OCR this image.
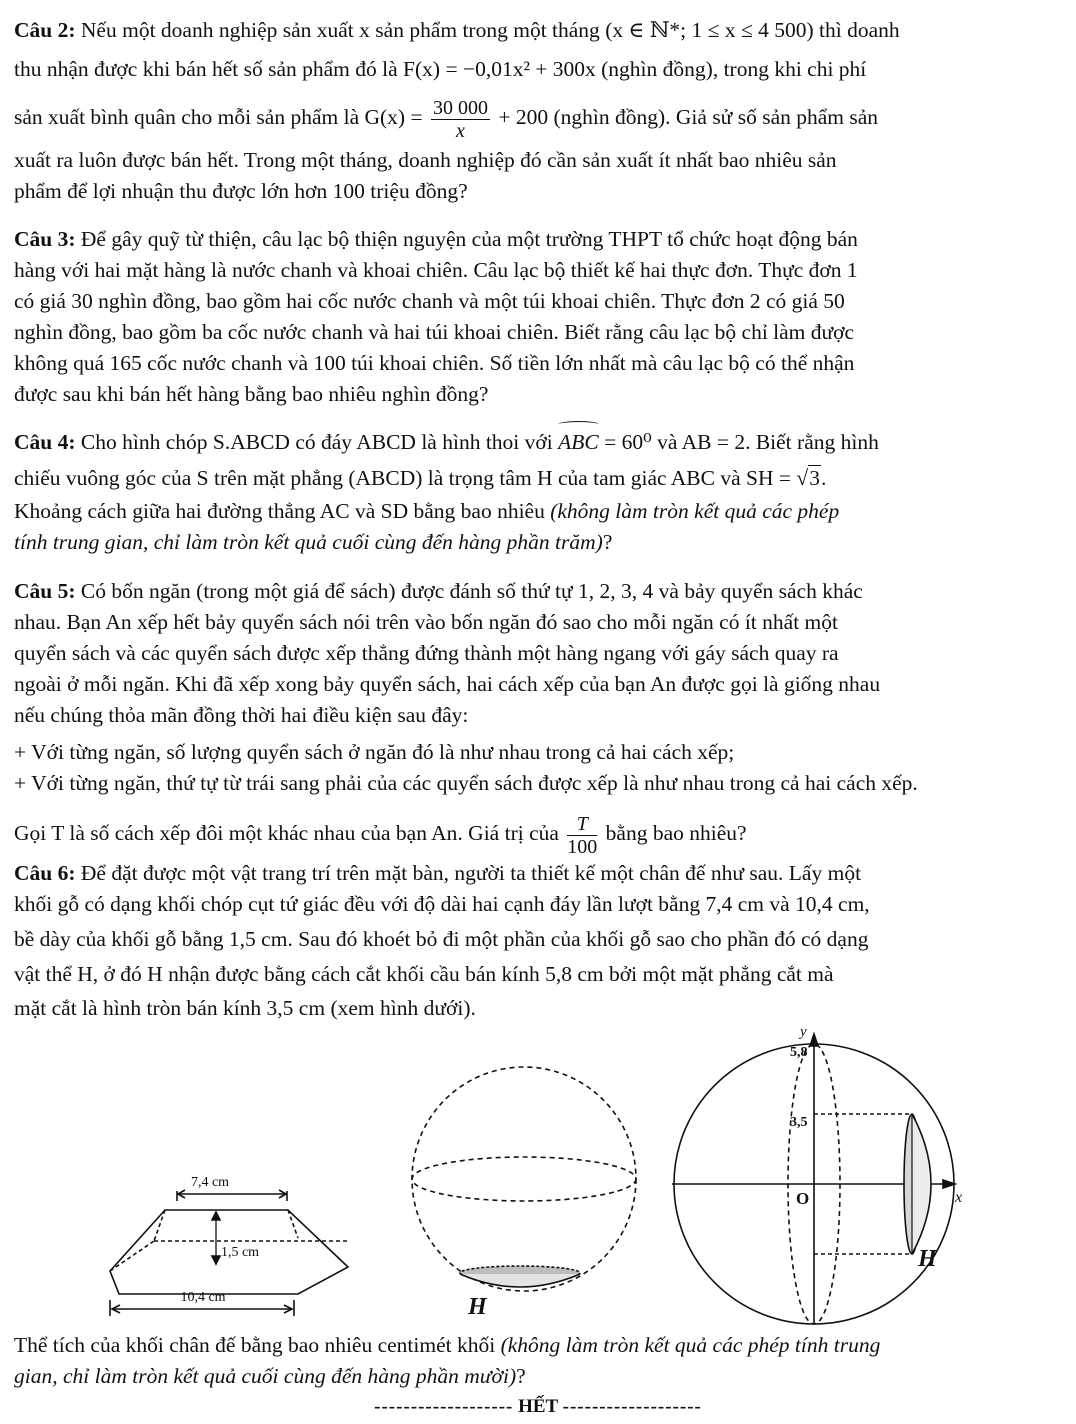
Câu 2: Nếu một doanh nghiệp sản xuất x sản phẩm trong một tháng (x ∈ ℕ*; 1 ≤ x ≤ 4 500) thì doanh
thu nhận được khi bán hết số sản phẩm đó là F(x) = −0,01x² + 300x (nghìn đồng), trong khi chi phí
sản xuất bình quân cho mỗi sản phẩm là $G(x) = \frac{30 000}{x} + 200$ (nghìn đồng). Giả sử số sản phẩm sản
xuất ra luôn được bán hết. Trong một tháng, doanh nghiệp đó cần sản xuất ít nhất bao nhiêu sản
phẩm để lợi nhuận thu được lớn hơn 100 triệu đồng?
Câu 3: Để gây quỹ từ thiện, câu lạc bộ thiện nguyện của một trường THPT tổ chức hoạt động bán
hàng với hai mặt hàng là nước chanh và khoai chiên. Câu lạc bộ thiết kế hai thực đơn. Thực đơn 1
có giá 30 nghìn đồng, bao gồm hai cốc nước chanh và một túi khoai chiên. Thực đơn 2 có giá 50
nghìn đồng, bao gồm ba cốc nước chanh và hai túi khoai chiên. Biết rằng câu lạc bộ chỉ làm được
không quá 165 cốc nước chanh và 100 túi khoai chiên. Số tiền lớn nhất mà câu lạc bộ có thể nhận
được sau khi bán hết hàng bằng bao nhiêu nghìn đồng?
Câu 4: Cho hình chóp S.ABCD có đáy ABCD là hình thoi với ABC = 60⁰ và AB = 2. Biết rằng hình
chiếu vuông góc của S trên mặt phẳng (ABCD) là trọng tâm H của tam giác ABC và SH = √3.
Khoảng cách giữa hai đường thẳng AC và SD bằng bao nhiêu (không làm tròn kết quả các phép
tính trung gian, chỉ làm tròn kết quả cuối cùng đến hàng phần trăm)?
Câu 5: Có bốn ngăn (trong một giá để sách) được đánh số thứ tự 1, 2, 3, 4 và bảy quyển sách khác
nhau. Bạn An xếp hết bảy quyển sách nói trên vào bốn ngăn đó sao cho mỗi ngăn có ít nhất một
quyển sách và các quyển sách được xếp thẳng đứng thành một hàng ngang với gáy sách quay ra
ngoài ở mỗi ngăn. Khi đã xếp xong bảy quyển sách, hai cách xếp của bạn An được gọi là giống nhau
nếu chúng thỏa mãn đồng thời hai điều kiện sau đây:
+ Với từng ngăn, số lượng quyển sách ở ngăn đó là như nhau trong cả hai cách xếp;
+ Với từng ngăn, thứ tự từ trái sang phải của các quyển sách được xếp là như nhau trong cả hai cách xếp.
Gọi T là số cách xếp đôi một khác nhau của bạn An. Giá trị của $\frac{T}{100}$ bằng bao nhiêu?
Câu 6: Để đặt được một vật trang trí trên mặt bàn, người ta thiết kế một chân đế như sau. Lấy một
khối gỗ có dạng khối chóp cụt tứ giác đều với độ dài hai cạnh đáy lần lượt bằng 7,4 cm và 10,4 cm,
bề dày của khối gỗ bằng 1,5 cm. Sau đó khoét bỏ đi một phần của khối gỗ sao cho phần đó có dạng
vật thể H, ở đó H nhận được bằng cách cắt khối cầu bán kính 5,8 cm bởi một mặt phẳng cắt mà
mặt cắt là hình tròn bán kính 3,5 cm (xem hình dưới).
7,4 cm
1,5 cm
10,4 cm	H
y
5,8
3,5
O	x
H
Thể tích của khối chân đế bằng bao nhiêu centimét khối (không làm tròn kết quả các phép tính trung
gian, chỉ làm tròn kết quả cuối cùng đến hàng phần mười)?
------------------- HẾT -------------------
